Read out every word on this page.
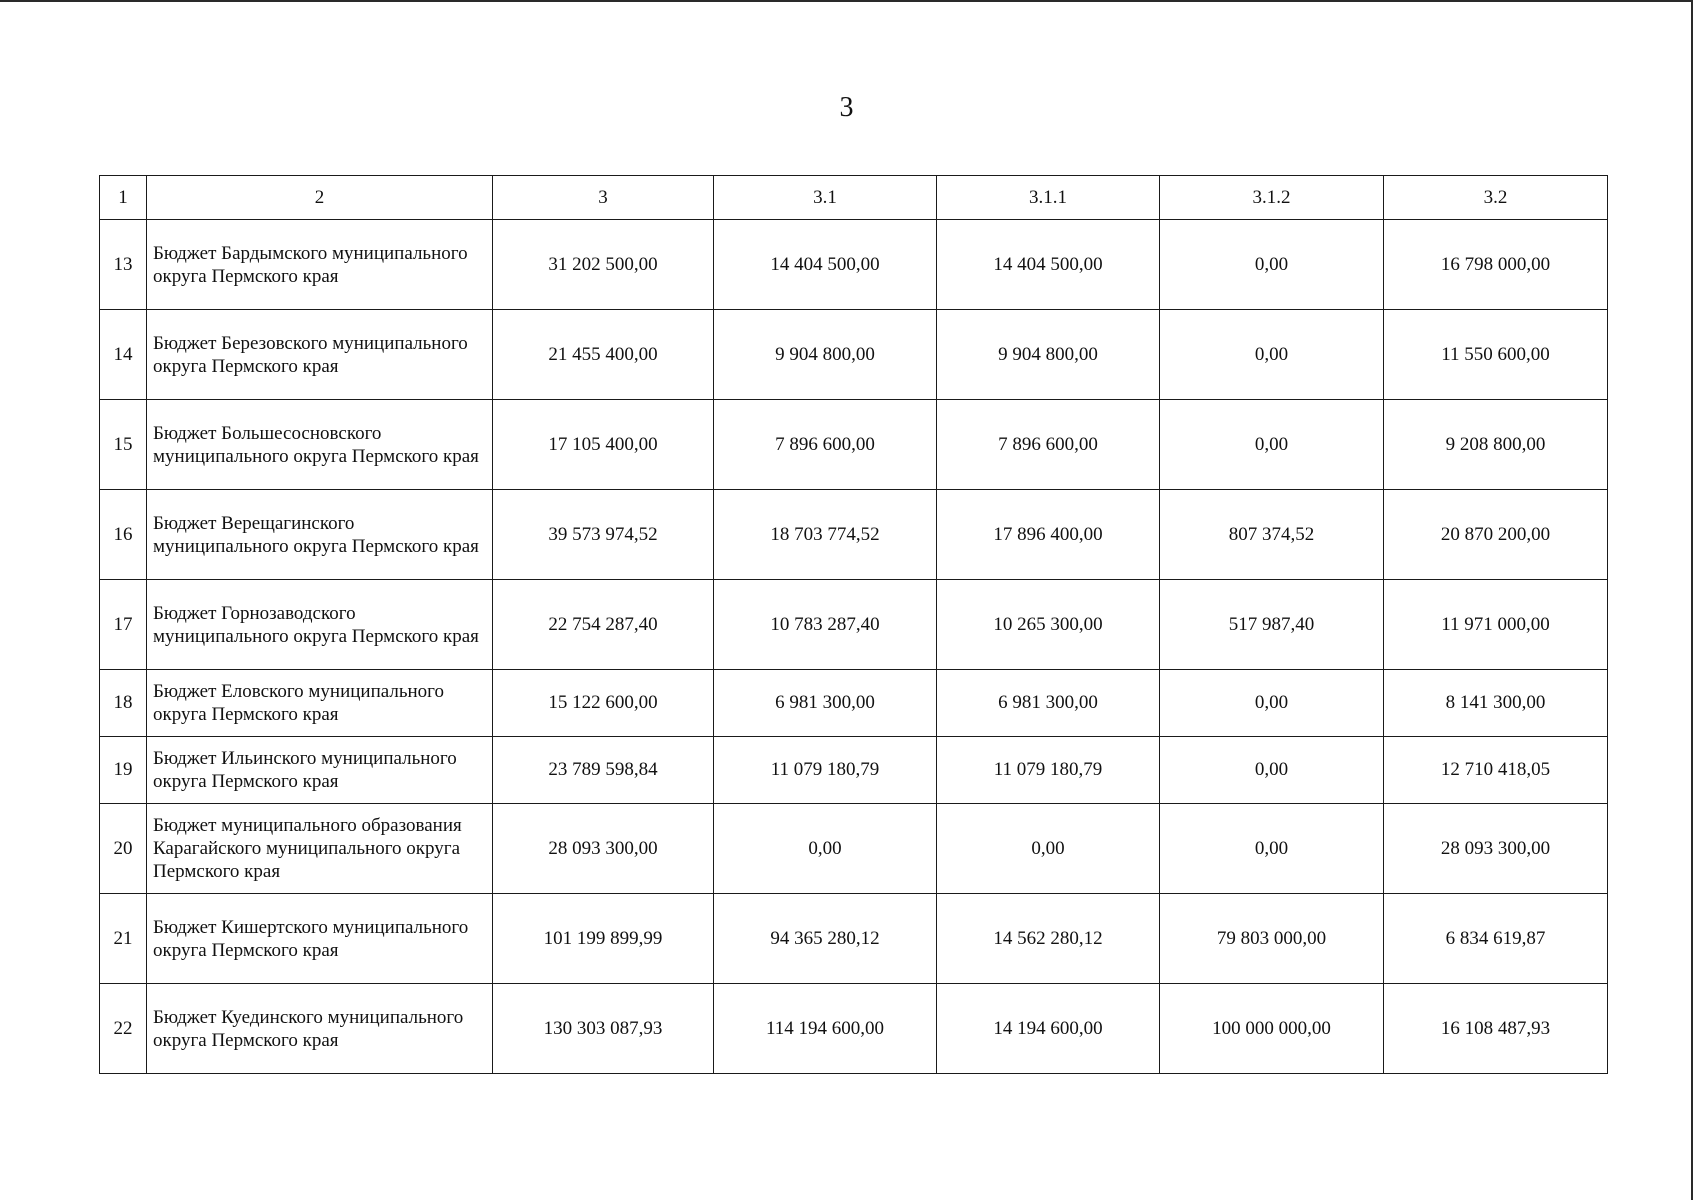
3
1	2	3	3.1	3.1.1	3.1.2	3.2
13	Бюджет Бардымского муниципального округа Пермского края	31 202 500,00	14 404 500,00	14 404 500,00	0,00	16 798 000,00
14	Бюджет Березовского муниципального округа Пермского края	21 455 400,00	9 904 800,00	9 904 800,00	0,00	11 550 600,00
15	Бюджет Большесосновского муниципального округа Пермского края	17 105 400,00	7 896 600,00	7 896 600,00	0,00	9 208 800,00
16	Бюджет Верещагинского муниципального округа Пермского края	39 573 974,52	18 703 774,52	17 896 400,00	807 374,52	20 870 200,00
17	Бюджет Горнозаводского муниципального округа Пермского края	22 754 287,40	10 783 287,40	10 265 300,00	517 987,40	11 971 000,00
18	Бюджет Еловского муниципального округа Пермского края	15 122 600,00	6 981 300,00	6 981 300,00	0,00	8 141 300,00
19	Бюджет Ильинского муниципального округа Пермского края	23 789 598,84	11 079 180,79	11 079 180,79	0,00	12 710 418,05
20	Бюджет муниципального образования Карагайского муниципального округа Пермского края	28 093 300,00	0,00	0,00	0,00	28 093 300,00
21	Бюджет Кишертского муниципального округа Пермского края	101 199 899,99	94 365 280,12	14 562 280,12	79 803 000,00	6 834 619,87
22	Бюджет Куединского муниципального округа Пермского края	130 303 087,93	114 194 600,00	14 194 600,00	100 000 000,00	16 108 487,93
